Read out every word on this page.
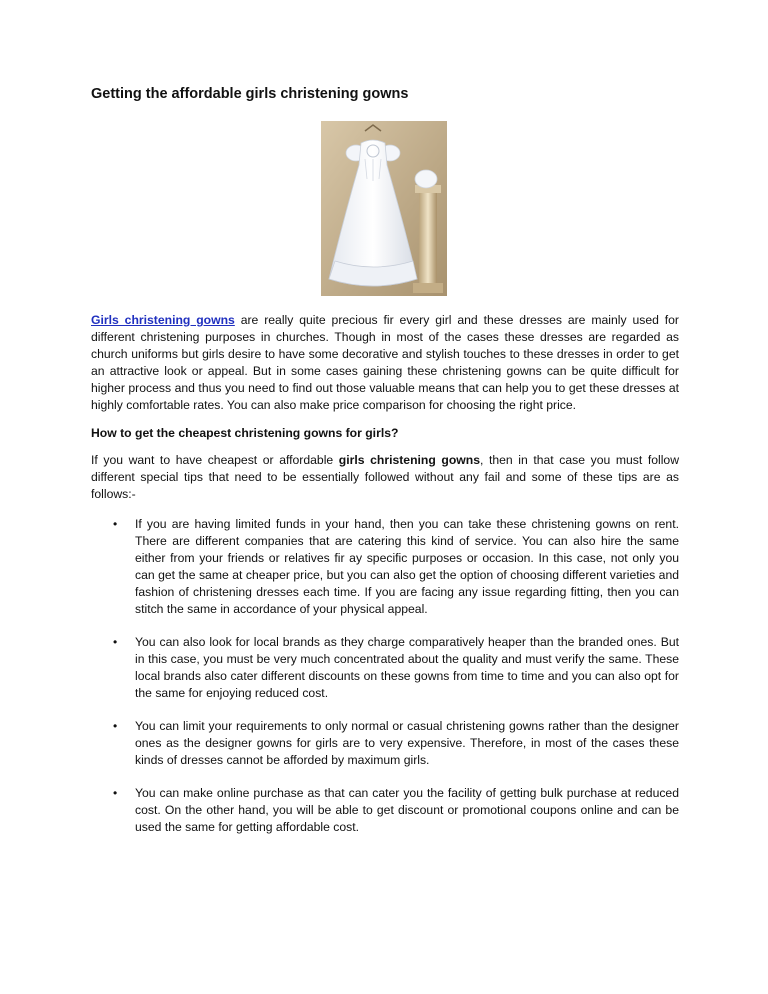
Getting the affordable girls christening gowns

Girls christening gowns are really quite precious fir every girl and these dresses are mainly used for different christening purposes in churches. Though in most of the cases these dresses are regarded as church uniforms but girls desire to have some decorative and stylish touches to these dresses in order to get an attractive look or appeal. But in some cases gaining these christening gowns can be quite difficult for higher process and thus you need to find out those valuable means that can help you to get these dresses at highly comfortable rates. You can also make price comparison for choosing the right price.

How to get the cheapest christening gowns for girls?

If you want to have cheapest or affordable girls christening gowns, then in that case you must follow different special tips that need to be essentially followed without any fail and some of these tips are as follows:-

• If you are having limited funds in your hand, then you can take these christening gowns on rent. There are different companies that are catering this kind of service. You can also hire the same either from your friends or relatives fir ay specific purposes or occasion. In this case, not only you can get the same at cheaper price, but you can also get the option of choosing different varieties and fashion of christening dresses each time. If you are facing any issue regarding fitting, then you can stitch the same in accordance of your physical appeal.
• You can also look for local brands as they charge comparatively heaper than the branded ones. But in this case, you must be very much concentrated about the quality and must verify the same. These local brands also cater different discounts on these gowns from time to time and you can also opt for the same for enjoying reduced cost.
• You can limit your requirements to only normal or casual christening gowns rather than the designer ones as the designer gowns for girls are to very expensive. Therefore, in most of the cases these kinds of dresses cannot be afforded by maximum girls.
• You can make online purchase as that can cater you the facility of getting bulk purchase at reduced cost. On the other hand, you will be able to get discount or promotional coupons online and can be used the same for getting affordable cost.
